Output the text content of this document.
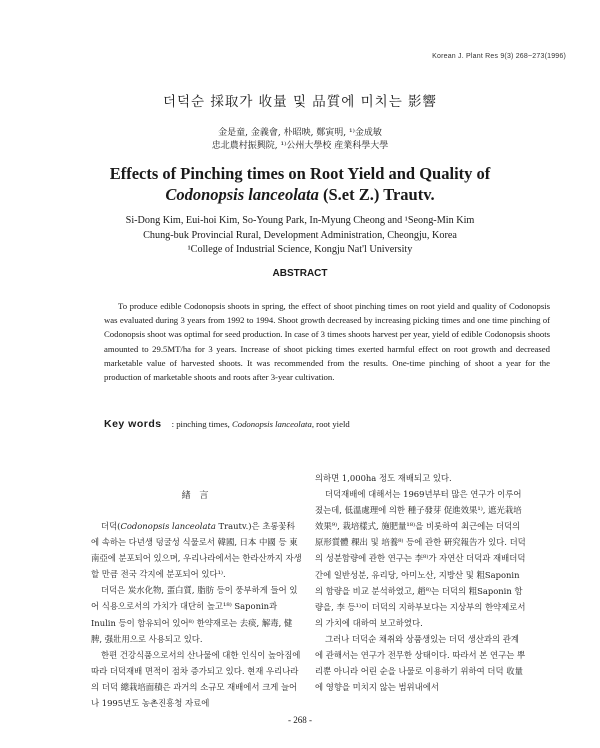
Korean J. Plant Res 9(3) 268~273(1996)
더덕순 採取가 收量 및 品質에 미치는 影響
金是童, 金義會, 朴昭映, 鄭寅明, ¹⁾金成敏
忠北農村振興院, ¹⁾公州大學校 産業科學大學
Effects of Pinching times on Root Yield and Quality of
Codonopsis lanceolata (S.et Z.) Trautv.
Si-Dong Kim, Eui-hoi Kim, So-Young Park, In-Myung Cheong and ¹Seong-Min Kim
Chung-buk Provincial Rural, Development Administration, Cheongju, Korea
¹College of Industrial Science, Kongju Nat'l University
ABSTRACT
To produce edible Codonopsis shoots in spring, the effect of shoot pinching times on root yield and quality of Codonopsis was evaluated during 3 years from 1992 to 1994. Shoot growth decreased by increasing picking times and one time pinching of Codonopsis shoot was optimal for seed production. In case of 3 times shoots harvest per year, yield of edible Codonopsis shoots amounted to 29.5MT/ha for 3 years. Increase of shoot picking times exerted harmful effect on root growth and decreased marketable value of harvested shoots. It was recommended from the results. One-time pinching of shoot a year for the production of marketable shoots and roots after 3-year cultivation.
Key words : pinching times, Codonopsis lanceolata, root yield
緖 言

더덕(Codonopsis lanceolata Trautv.)은 초롱꽃科에 속하는 다년생 덩굴성 식물로서 韓國, 日本 中國 등 東南亞에 분포되어 있으며, 우리나라에서는 한라산까지 자생할 만큼 전국 각지에 분포되어 있다¹⁾.

더덕은 炭水化物, 蛋白質, 脂肪 등이 풍부하게 들어 있어 식용으로서의 가치가 대단히 높고¹⁸⁾ Saponin과 Inulin 등이 함유되어 있어⁸⁾ 한약재로는 去痰, 解毒, 健脾, 强壯用으로 사용되고 있다.

한편 건강식품으로서의 산나물에 대한 인식이 높아짐에 따라 더덕재배 면적이 점차 증가되고 있다. 현재 우리나라의 더덕 總栽培面積은 과거의 소규모 재배에서 크게 늘어나 1995년도 농촌진흥청 자료에

의하면 1,000ha 정도 재배되고 있다.

더덕재배에 대해서는 1969년부터 많은 연구가 이루어졌는데, 低溫處理에 의한 種子發芽 促進效果¹⁾, 遮光栽培 效果⁹⁾, 栽培樣式, 施肥量¹⁸⁾을 비롯하여 최근에는 더덕의 原形質體 稞出 및 培養⁸⁾ 등에 관한 硏究報告가 있다. 더덕의 성분함량에 관한 연구는 李⁸⁾가 자연산 더덕과 재배더덕 간에 일반성분, 유리당, 아미노산, 지방산 및 粗Saponin의 함량을 비교 분석하였고, 趙⁸⁾는 더덕의 粗Saponin 함량을, 李 등¹⁾이 더덕의 지하부보다는 지상부의 한약제로서의 가치에 대하여 보고하였다.

그러나 더덕순 채취와 상품생있는 더덕 생산과의 관계에 관해서는 연구가 전무한 상태이다. 따라서 본 연구는 뿌리뿐 아니라 어린 순을 나물로 이용하기 위하여 더덕 收量에 영향을 미치지 않는 범위내에서

- 268 -
